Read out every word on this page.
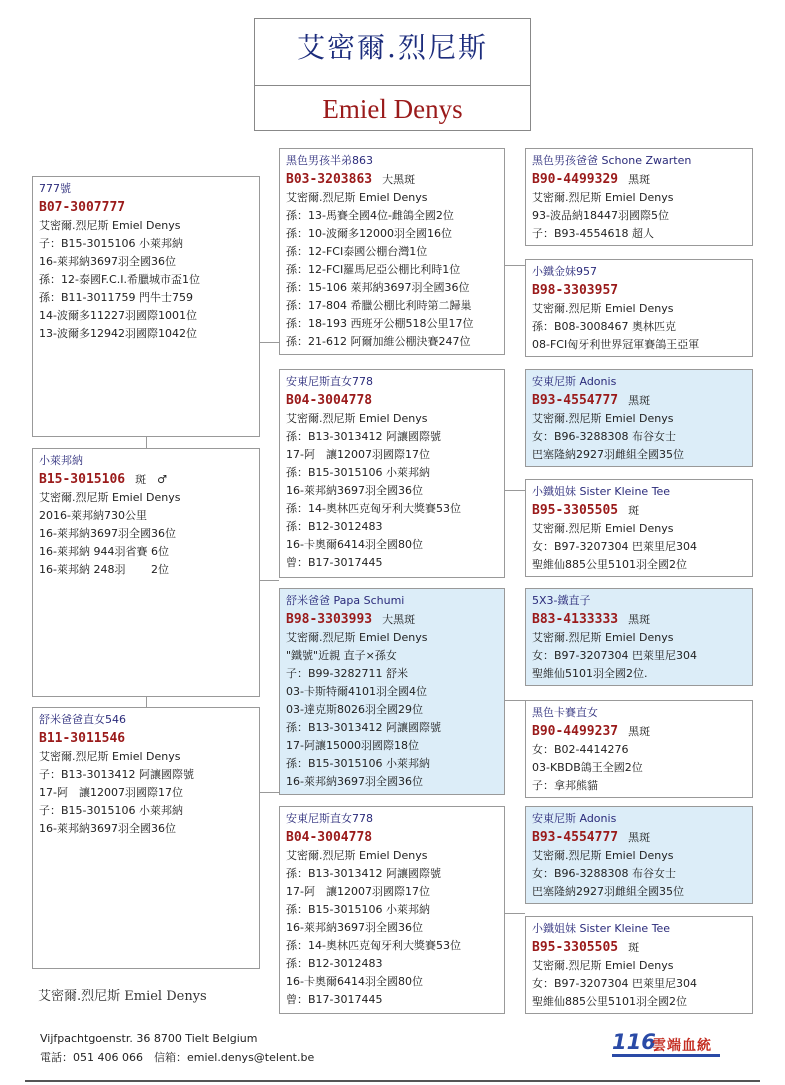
艾密爾.烈尼斯
Emiel Denys
777號
B07-3007777
艾密爾.烈尼斯 Emiel Denys
子：B15-3015106 小萊邦納
16-萊邦納3697羽全國36位
孫：12-泰國F.C.I.希臘城市盃1位
孫：B11-3011759 門牛士759
14-波爾多11227羽國際1001位
13-波爾多12942羽國際1042位
小萊邦納
B15-3015106 斑　♂
艾密爾.烈尼斯 Emiel Denys
2016-萊邦納730公里
16-萊邦納3697羽全國36位
16-萊邦納 944羽省賽 6位
16-萊邦納 248羽　　 2位
舒米爸爸直女546
B11-3011546
艾密爾.烈尼斯 Emiel Denys
子：B13-3013412 阿讓國際號
17-阿　讓12007羽國際17位
子：B15-3015106 小萊邦納
16-萊邦納3697羽全國36位
黑色男孩半弟863
B03-3203863 大黑斑
艾密爾.烈尼斯 Emiel Denys
孫：13-馬賽全國4位-雌鴿全國2位
孫：10-波爾多12000羽全國16位
孫：12-FCI泰國公棚台灣1位
孫：12-FCI羅馬尼亞公棚比利時1位
孫：15-106 萊邦納3697羽全國36位
孫：17-804 希臘公棚比利時第二歸巢
孫：18-193 西班牙公棚518公里17位
孫：21-612 阿爾加維公棚決賽247位
安東尼斯直女778
B04-3004778
艾密爾.烈尼斯 Emiel Denys
孫：B13-3013412 阿讓國際號
17-阿　讓12007羽國際17位
孫：B15-3015106 小萊邦納
16-萊邦納3697羽全國36位
孫：14-奧林匹克匈牙利大獎賽53位
孫：B12-3012483
16-卡奧爾6414羽全國80位
曾：B17-3017445
舒米爸爸 Papa Schumi
B98-3303993 大黑斑
艾密爾.烈尼斯 Emiel Denys
"鐵號"近親 直子×孫女
子：B99-3282711 舒米
03-卡斯特爾4101羽全國4位
03-達克斯8026羽全國29位
孫：B13-3013412 阿讓國際號
17-阿讓15000羽國際18位
孫：B15-3015106 小萊邦納
16-萊邦納3697羽全國36位
安東尼斯直女778
B04-3004778
艾密爾.烈尼斯 Emiel Denys
孫：B13-3013412 阿讓國際號
17-阿　讓12007羽國際17位
孫：B15-3015106 小萊邦納
16-萊邦納3697羽全國36位
孫：14-奧林匹克匈牙利大獎賽53位
孫：B12-3012483
16-卡奧爾6414羽全國80位
曾：B17-3017445
黑色男孩爸爸 Schone Zwarten
B90-4499329 黑斑
艾密爾.烈尼斯 Emiel Denys
93-波品納18447羽國際5位
子：B93-4554618 超人
小鐵金妹957
B98-3303957
艾密爾.烈尼斯 Emiel Denys
孫：B08-3008467 奧林匹克
08-FCI匈牙利世界冠軍賽鴿王亞軍
安東尼斯 Adonis
B93-4554777 黑斑
艾密爾.烈尼斯 Emiel Denys
女：B96-3288308 布谷女士
巴塞隆納2927羽雌組全國35位
小鐵姐妹 Sister Kleine Tee
B95-3305505 斑
艾密爾.烈尼斯 Emiel Denys
女：B97-3207304 巴萊里尼304
聖維仙885公里5101羽全國2位
5X3-鐵直子
B83-4133333 黑斑
艾密爾.烈尼斯 Emiel Denys
女：B97-3207304 巴萊里尼304
聖維仙5101羽全國2位.
黑色卡賽直女
B90-4499237 黑斑
女：B02-4414276
03-KBDB鴿王全國2位
子：拿邦熊貓
安東尼斯 Adonis
B93-4554777 黑斑
艾密爾.烈尼斯 Emiel Denys
女：B96-3288308 布谷女士
巴塞隆納2927羽雌組全國35位
小鐵姐妹 Sister Kleine Tee
B95-3305505 斑
艾密爾.烈尼斯 Emiel Denys
女：B97-3207304 巴萊里尼304
聖維仙885公里5101羽全國2位
艾密爾.烈尼斯 Emiel Denys
Vijfpachtgoenstr. 36 8700 Tielt Belgium
電話：051 406 066　信箱：emiel.denys@telent.be
116
雲端血統
